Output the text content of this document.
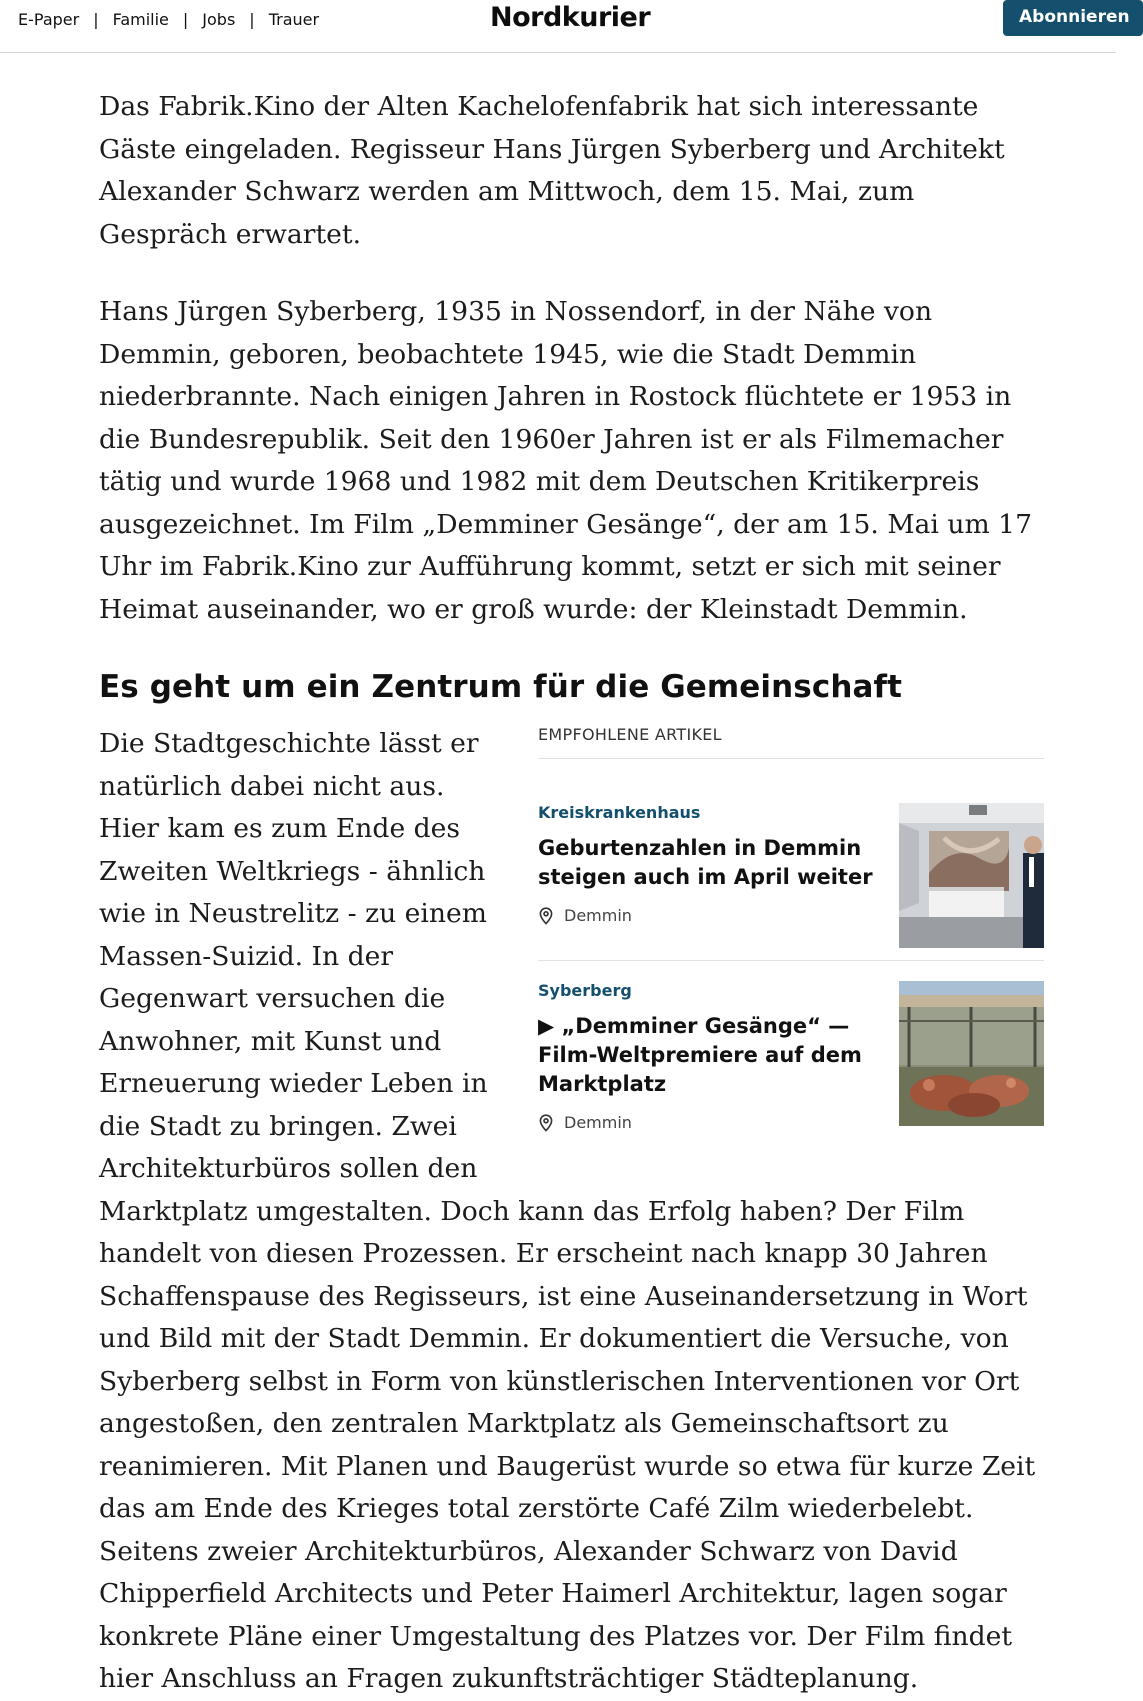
E-Paper | Familie | Jobs | Trauer	Nordkurier	Abonnieren

Das Fabrik.Kino der Alten Kachelofenfabrik hat sich interessante Gäste eingeladen. Regisseur Hans Jürgen Syberberg und Architekt Alexander Schwarz werden am Mittwoch, dem 15. Mai, zum Gespräch erwartet.

Hans Jürgen Syberberg, 1935 in Nossendorf, in der Nähe von Demmin, geboren, beobachtete 1945, wie die Stadt Demmin niederbrannte. Nach einigen Jahren in Rostock flüchtete er 1953 in die Bundesrepublik. Seit den 1960er Jahren ist er als Filmemacher tätig und wurde 1968 und 1982 mit dem Deutschen Kritikerpreis ausgezeichnet. Im Film „Demminer Gesänge“, der am 15. Mai um 17 Uhr im Fabrik.Kino zur Aufführung kommt, setzt er sich mit seiner Heimat auseinander, wo er groß wurde: der Kleinstadt Demmin.

Es geht um ein Zentrum für die Gemeinschaft
EMPFOHLENE ARTIKEL
Kreiskrankenhaus
Geburtenzahlen in Demmin steigen auch im April weiter
Demmin
Syberberg
▶ „Demminer Gesänge“ — Film-Weltpremiere auf dem Marktplatz
Demmin

Die Stadtgeschichte lässt er natürlich dabei nicht aus. Hier kam es zum Ende des Zweiten Weltkriegs - ähnlich wie in Neustrelitz - zu einem Massen-Suizid. In der Gegenwart versuchen die Anwohner, mit Kunst und Erneuerung wieder Leben in die Stadt zu bringen. Zwei Architekturbüros sollen den Marktplatz umgestalten. Doch kann das Erfolg haben? Der Film handelt von diesen Prozessen. Er erscheint nach knapp 30 Jahren Schaffenspause des Regisseurs, ist eine Auseinandersetzung in Wort und Bild mit der Stadt Demmin. Er dokumentiert die Versuche, von Syberberg selbst in Form von künstlerischen Interventionen vor Ort angestoßen, den zentralen Marktplatz als Gemeinschaftsort zu reanimieren. Mit Planen und Baugerüst wurde so etwa für kurze Zeit das am Ende des Krieges total zerstörte Café Zilm wiederbelebt. Seitens zweier Architekturbüros, Alexander Schwarz von David Chipperfield Architects und Peter Haimerl Architektur, lagen sogar konkrete Pläne einer Umgestaltung des Platzes vor. Der Film findet hier Anschluss an Fragen zukunftsträchtiger Städteplanung.
